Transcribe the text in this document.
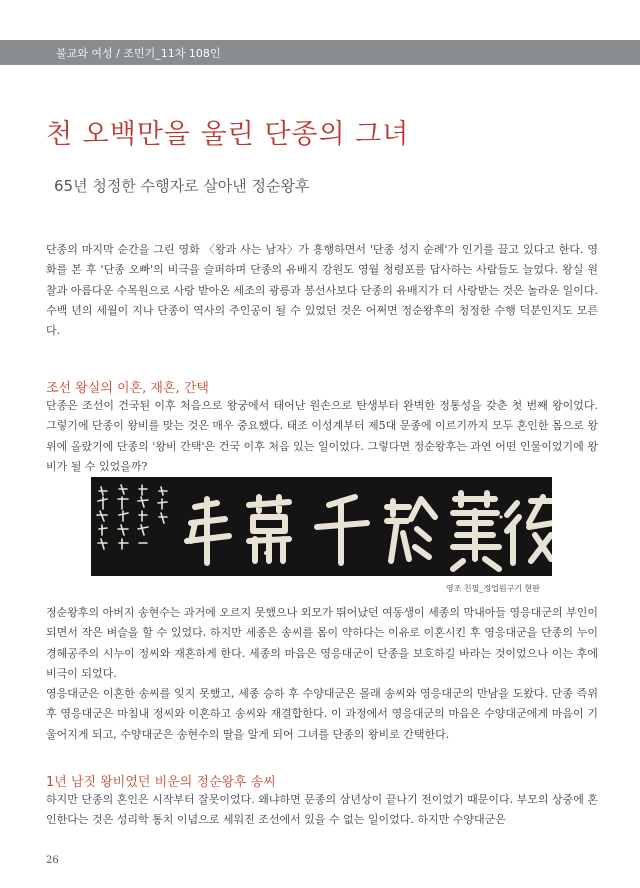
불교와 여성 / 조민기_11차 108인
천 오백만을 울린 단종의 그녀
65년 청정한 수행자로 살아낸 정순왕후

단종의 마지막 순간을 그린 영화 〈왕과 사는 남자〉가 흥행하면서 '단종 성지 순례'가 인기를 끌고 있다고 한다. 영화를 본 후 '단종 오빠'의 비극을 슬퍼하며 단종의 유배지 강원도 영월 청령포를 답사하는 사람들도 늘었다. 왕실 원찰과 아름다운 수목원으로 사랑 받아온 세조의 광릉과 봉선사보다 단종의 유배지가 더 사랑받는 것은 놀라운 일이다. 수백 년의 세월이 지나 단종이 역사의 주인공이 될 수 있었던 것은 어쩌면 정순왕후의 청정한 수행 덕분인지도 모른다.

조선 왕실의 이혼, 재혼, 간택

단종은 조선이 건국된 이후 처음으로 왕궁에서 태어난 원손으로 탄생부터 완벽한 정통성을 갖춘 첫 번째 왕이었다. 그렇기에 단종이 왕비를 맞는 것은 매우 중요했다. 태조 이성계부터 제5대 문종에 이르기까지 모두 혼인한 몸으로 왕위에 올랐기에 단종의 '왕비 간택'은 건국 이후 처음 있는 일이었다. 그렇다면 정순왕후는 과연 어떤 인물이었기에 왕비가 될 수 있었을까?

영조 친필_정업원구기 현판

정순왕후의 아버지 송현수는 과거에 오르지 못했으나 외모가 뛰어났던 여동생이 세종의 막내아들 영응대군의 부인이 되면서 작은 벼슬을 할 수 있었다. 하지만 세종은 송씨를 몸이 약하다는 이유로 이혼시킨 후 영응대군을 단종의 누이 경혜공주의 시누이 정씨와 재혼하게 한다. 세종의 마음은 영응대군이 단종을 보호하길 바라는 것이었으나 이는 후에 비극이 되었다.

영응대군은 이혼한 송씨를 잊지 못했고, 세종 승하 후 수양대군은 몰래 송씨와 영응대군의 만남을 도왔다. 단종 즉위 후 영응대군은 마침내 정씨와 이혼하고 송씨와 재결합한다. 이 과정에서 영응대군의 마음은 수양대군에게 마음이 기울어지게 되고, 수양대군은 송현수의 딸을 알게 되어 그녀를 단종의 왕비로 간택한다.

1년 남짓 왕비였던 비운의 정순왕후 송씨

하지만 단종의 혼인은 시작부터 잘못이었다. 왜냐하면 문종의 삼년상이 끝나기 전이었기 때문이다. 부모의 상중에 혼인한다는 것은 성리학 통치 이념으로 세워진 조선에서 있을 수 없는 일이었다. 하지만 수양대군은

26
